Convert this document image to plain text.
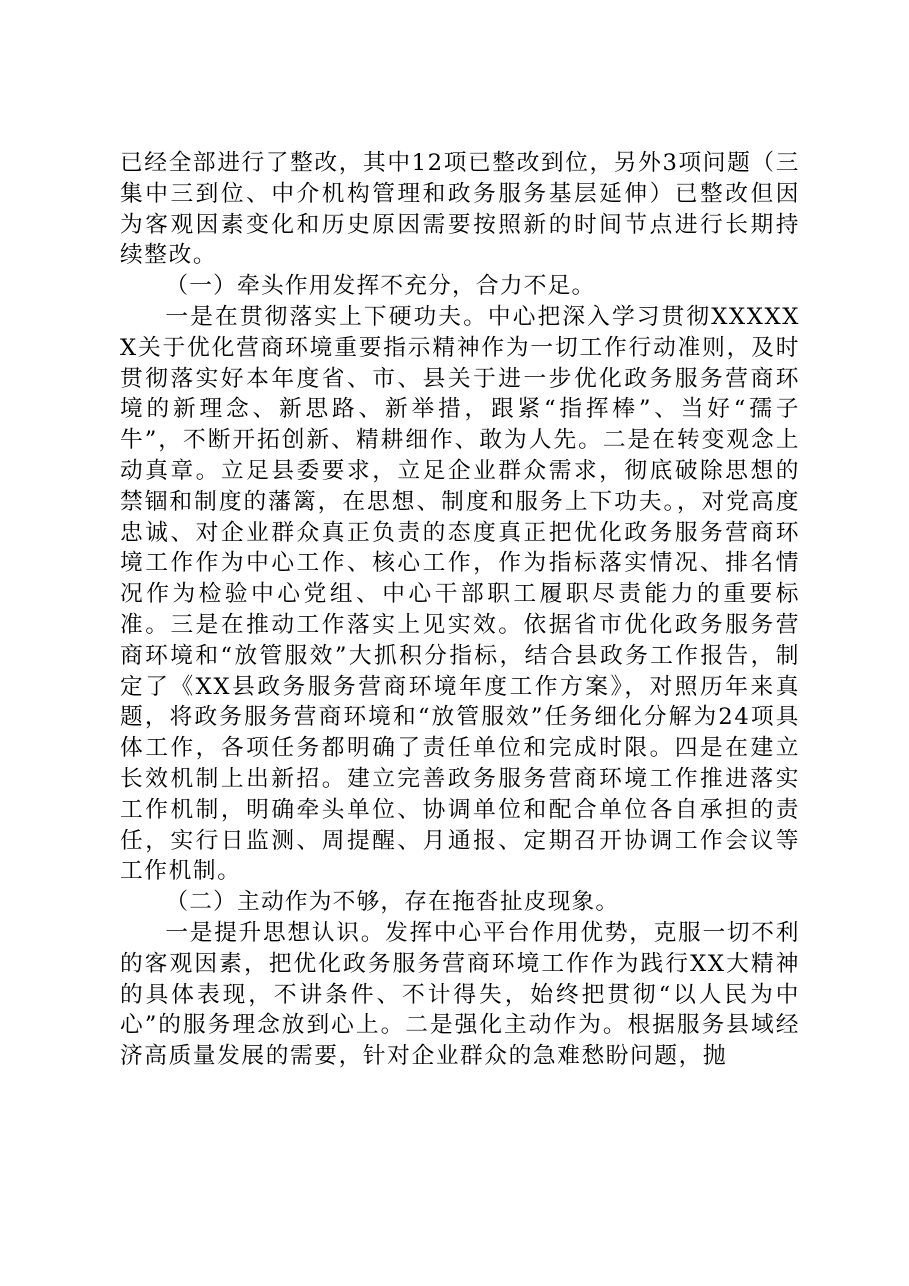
已经全部进行了整改，其中12项已整改到位，另外3项问题（三集中三到位、中介机构管理和政务服务基层延伸）已整改但因为客观因素变化和历史原因需要按照新的时间节点进行长期持续整改。

（一）牵头作用发挥不充分，合力不足。

一是在贯彻落实上下硬功夫。中心把深入学习贯彻XXXXXX关于优化营商环境重要指示精神作为一切工作行动准则，及时贯彻落实好本年度省、市、县关于进一步优化政务服务营商环境的新理念、新思路、新举措，跟紧“指挥棒”、当好“孺子牛”，不断开拓创新、精耕细作、敢为人先。二是在转变观念上动真章。立足县委要求，立足企业群众需求，彻底破除思想的禁锢和制度的藩篱，在思想、制度和服务上下功夫。，对党高度忠诚、对企业群众真正负责的态度真正把优化政务服务营商环境工作作为中心工作、核心工作，作为指标落实情况、排名情况作为检验中心党组、中心干部职工履职尽责能力的重要标准。三是在推动工作落实上见实效。依据省市优化政务服务营商环境和“放管服效”大抓积分指标，结合县政务工作报告，制定了《XX县政务服务营商环境年度工作方案》，对照历年来真题，将政务服务营商环境和“放管服效”任务细化分解为24项具体工作，各项任务都明确了责任单位和完成时限。四是在建立长效机制上出新招。建立完善政务服务营商环境工作推进落实工作机制，明确牵头单位、协调单位和配合单位各自承担的责任，实行日监测、周提醒、月通报、定期召开协调工作会议等工作机制。

（二）主动作为不够，存在拖沓扯皮现象。

一是提升思想认识。发挥中心平台作用优势，克服一切不利的客观因素，把优化政务服务营商环境工作作为践行XX大精神的具体表现，不讲条件、不计得失，始终把贯彻“以人民为中心”的服务理念放到心上。二是强化主动作为。根据服务县域经济高质量发展的需要，针对企业群众的急难愁盼问题，抛
